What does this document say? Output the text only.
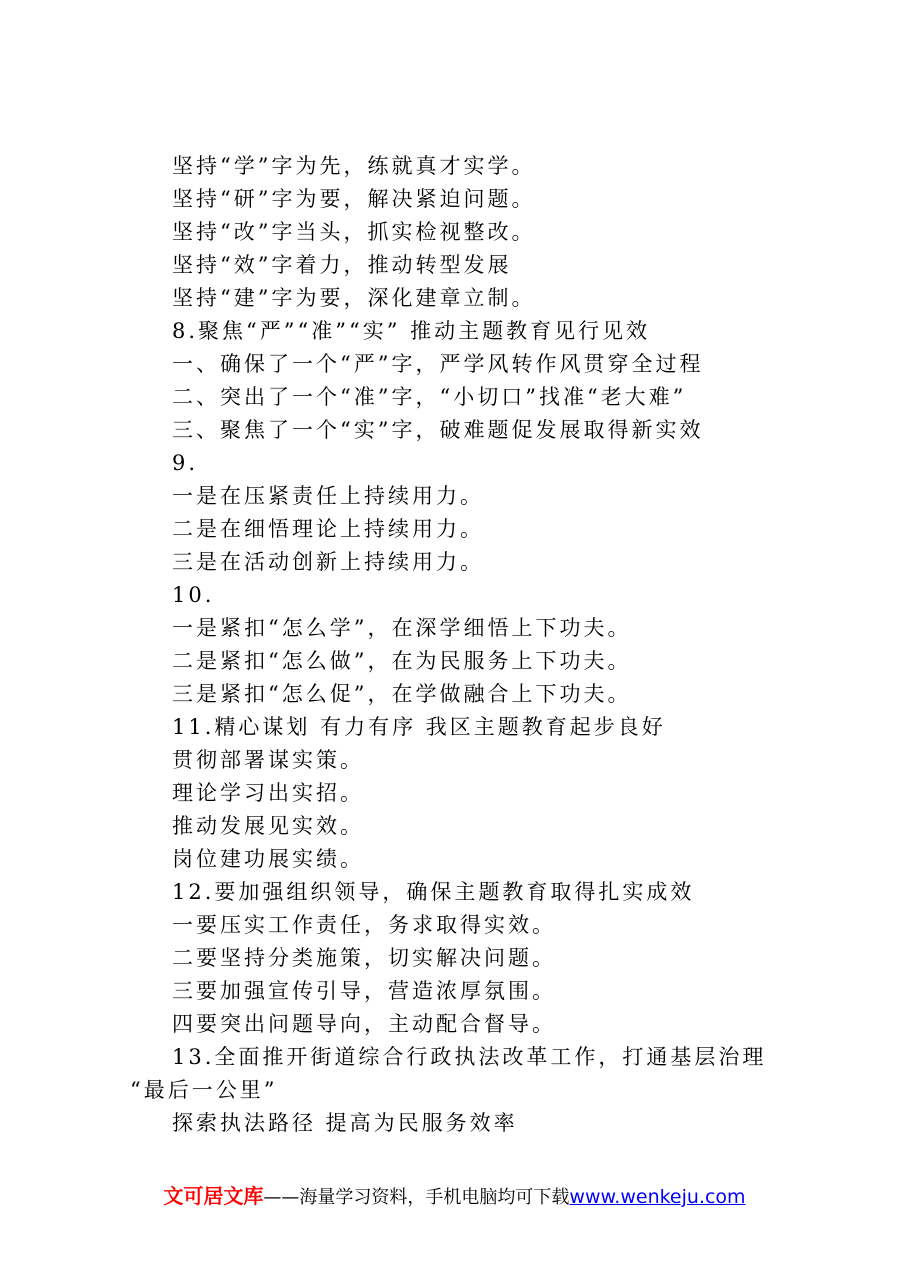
坚持“学”字为先，练就真才实学。
坚持“研”字为要，解决紧迫问题。
坚持“改”字当头，抓实检视整改。
坚持“效”字着力，推动转型发展
坚持“建”字为要，深化建章立制。
8.聚焦“严”“准”“实” 推动主题教育见行见效
一、确保了一个“严”字，严学风转作风贯穿全过程
二、突出了一个“准”字，“小切口”找准“老大难”
三、聚焦了一个“实”字，破难题促发展取得新实效
9.
一是在压紧责任上持续用力。
二是在细悟理论上持续用力。
三是在活动创新上持续用力。
10.
一是紧扣“怎么学”，在深学细悟上下功夫。
二是紧扣“怎么做”，在为民服务上下功夫。
三是紧扣“怎么促”，在学做融合上下功夫。
11.精心谋划 有力有序 我区主题教育起步良好
贯彻部署谋实策。
理论学习出实招。
推动发展见实效。
岗位建功展实绩。
12.要加强组织领导，确保主题教育取得扎实成效
一要压实工作责任，务求取得实效。
二要坚持分类施策，切实解决问题。
三要加强宣传引导，营造浓厚氛围。
四要突出问题导向，主动配合督导。
13.全面推开街道综合行政执法改革工作，打通基层治理
“最后一公里”
探索执法路径 提高为民服务效率
文可居文库——海量学习资料，手机电脑均可下载www.wenkeju.com
